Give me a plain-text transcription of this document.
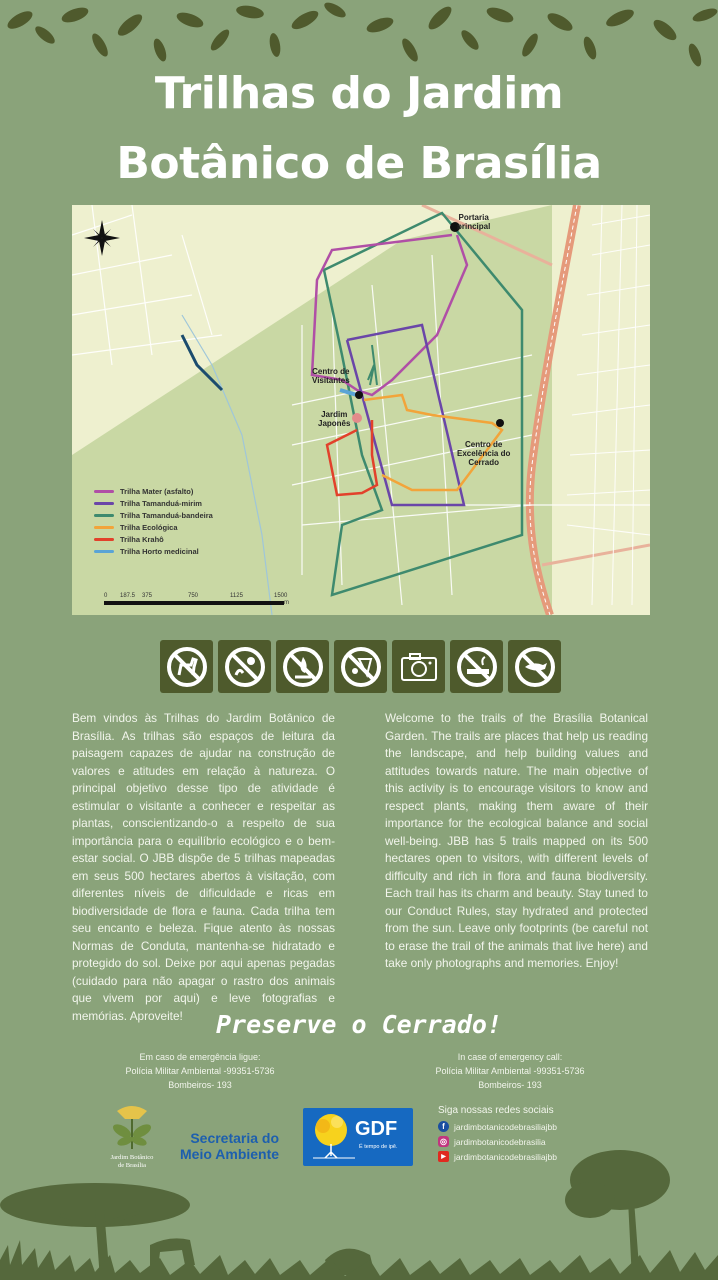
Trilhas do Jardim
Botânico de Brasília
Portaria
principal
Centro de
Visitantes
Jardim
Japonês
Centro de
Excelência do
Cerrado
Trilha Mater (asfalto)
Trilha Tamanduá-mirim
Trilha Tamanduá-bandeira
Trilha Ecológica
Trilha Krahô
Trilha Horto medicinal
0 187.5 375	750	1125	1500
m
Bem vindos às Trilhas do Jardim Botânico de Brasília. As trilhas são espaços de leitura da paisagem capazes de ajudar na construção de valores e atitudes em relação à natureza. O principal objetivo desse tipo de atividade é estimular o visitante a conhecer e respeitar as plantas, conscientizando-o a respeito de sua importância para o equilíbrio ecológico e o bem-estar social. O JBB dispõe de 5 trilhas mapeadas em seus 500 hectares abertos à visitação, com diferentes níveis de dificuldade e ricas em biodiversidade de flora e fauna. Cada trilha tem seu encanto e beleza. Fique atento às nossas Normas de Conduta, mantenha-se hidratado e protegido do sol. Deixe por aqui apenas pegadas (cuidado para não apagar o rastro dos animais que vivem por aqui) e leve fotografias e memórias. Aproveite!
Welcome to the trails of the Brasília Botanical Garden. The trails are places that help us reading the landscape, and help building values and attitudes towards nature. The main objective of this activity is to encourage visitors to know and respect plants, making them aware of their importance for the ecological balance and social well-being. JBB has 5 trails mapped on its 500 hectares open to visitors, with different levels of difficulty and rich in flora and fauna biodiversity. Each trail has its charm and beauty. Stay tuned to our Conduct Rules, stay hydrated and protected from the sun. Leave only footprints (be careful not to erase the trail of the animals that live here) and take only photographs and memories. Enjoy!
Preserve o Cerrado!
Em caso de emergência ligue:
Polícia Militar Ambiental -99351-5736
Bombeiros- 193
In case of emergency call:
Polícia Militar Ambiental -99351-5736
Bombeiros- 193
Jardim Botânico
de Brasília
Secretaria do
Meio Ambiente
GDF
É tempo de ipê.
Siga nossas redes sociais
f	jardimbotanicodebrasiliajbb
◎ jardimbotanicodebrasilia
▶ jardimbotanicodebrasiliajbb
